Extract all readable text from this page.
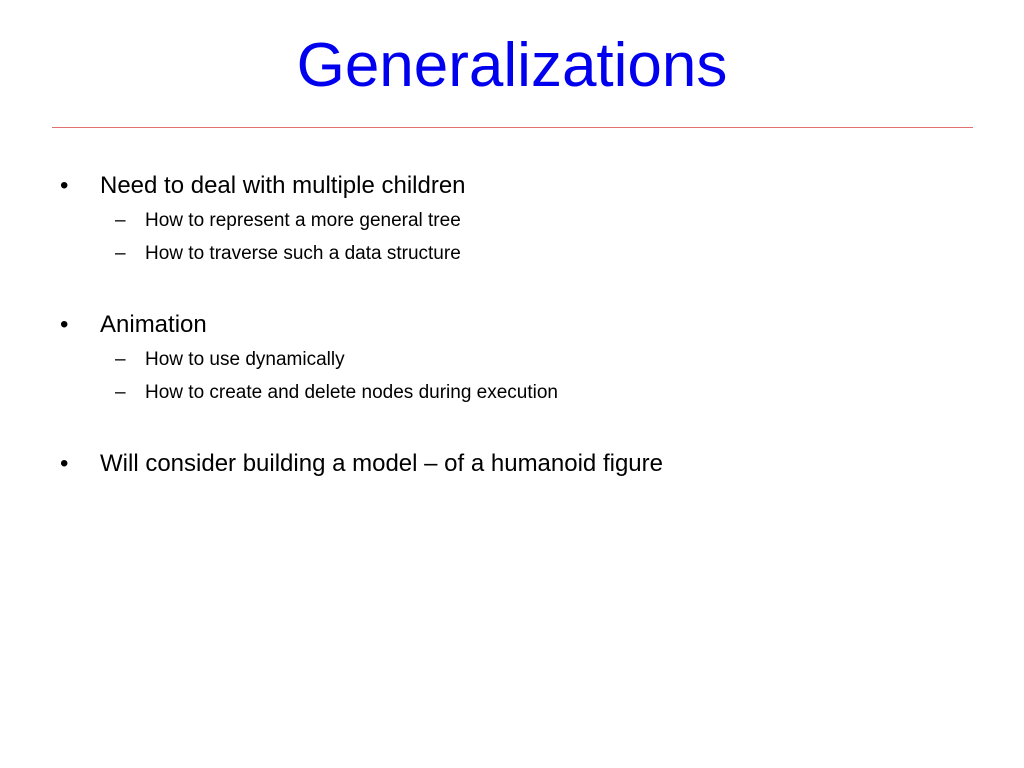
Generalizations
•	Need to deal with multiple children
– How to represent a more general tree
– How to traverse such a data structure
•	Animation
– How to use dynamically
– How to create and delete nodes during execution
•	Will consider building a model – of a humanoid figure
